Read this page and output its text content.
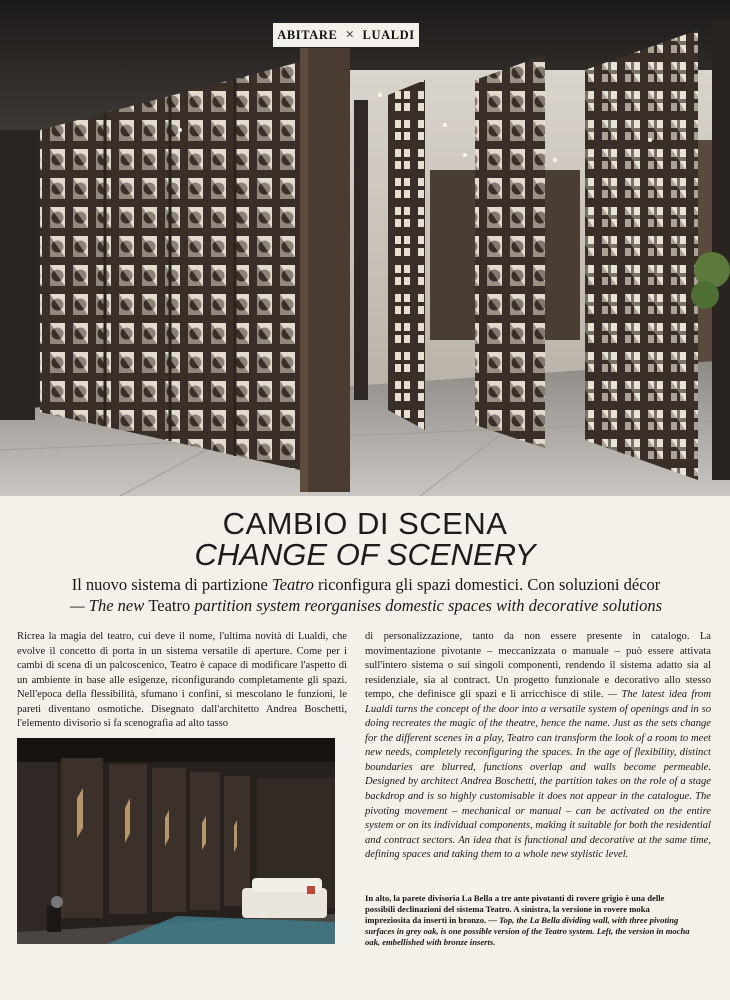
ABITARE × LUALDI
CAMBIO DI SCENA
CHANGE OF SCENERY
Il nuovo sistema di partizione Teatro riconfigura gli spazi domestici. Con soluzioni décor
— The new Teatro partition system reorganises domestic spaces with decorative solutions

Ricrea la magia del teatro, cui deve il nome, l'ultima novità di Lualdi, che evolve il concetto di porta in un sistema versatile di aperture. Come per i cambi di scena di un palcoscenico, Teatro è capace di modificare l'aspetto di un ambiente in base alle esigenze, riconfigurando completamente gli spazi. Nell'epoca della flessibilità, sfumano i confini, si mescolano le funzioni, le pareti diventano osmotiche. Disegnato dall'architetto Andrea Boschetti, l'elemento divisorio si fa scenografia ad alto tasso

di personalizzazione, tanto da non essere presente in catalogo. La movimentazione pivotante – meccanizzata o manuale – può essere attivata sull'intero sistema o sui singoli componenti, rendendo il sistema adatto sia al residenziale, sia al contract. Un progetto funzionale e decorativo allo stesso tempo, che definisce gli spazi e li arricchisce di stile. — The latest idea from Lualdi turns the concept of the door into a versatile system of openings and in so doing recreates the magic of the theatre, hence the name. Just as the sets change for the different scenes in a play, Teatro can transform the look of a room to meet new needs, completely reconfiguring the spaces. In the age of flexibility, distinct boundaries are blurred, functions overlap and walls become permeable. Designed by architect Andrea Boschetti, the partition takes on the role of a stage backdrop and is so highly customisable it does not appear in the catalogue. The pivoting movement – mechanical or manual – can be activated on the entire system or on its individual components, making it suitable for both the residential and contract sectors. An idea that is functional and decorative at the same time, defining spaces and taking them to a whole new stylistic level.

In alto, la parete divisoria La Bella a tre ante pivotanti di rovere grigio è una delle possibili declinazioni del sistema Teatro. A sinistra, la versione in rovere moka impreziosita da inserti in bronzo. — Top, the La Bella dividing wall, with three pivoting surfaces in grey oak, is one possible version of the Teatro system. Left, the version in mocha oak, embellished with bronze inserts.
